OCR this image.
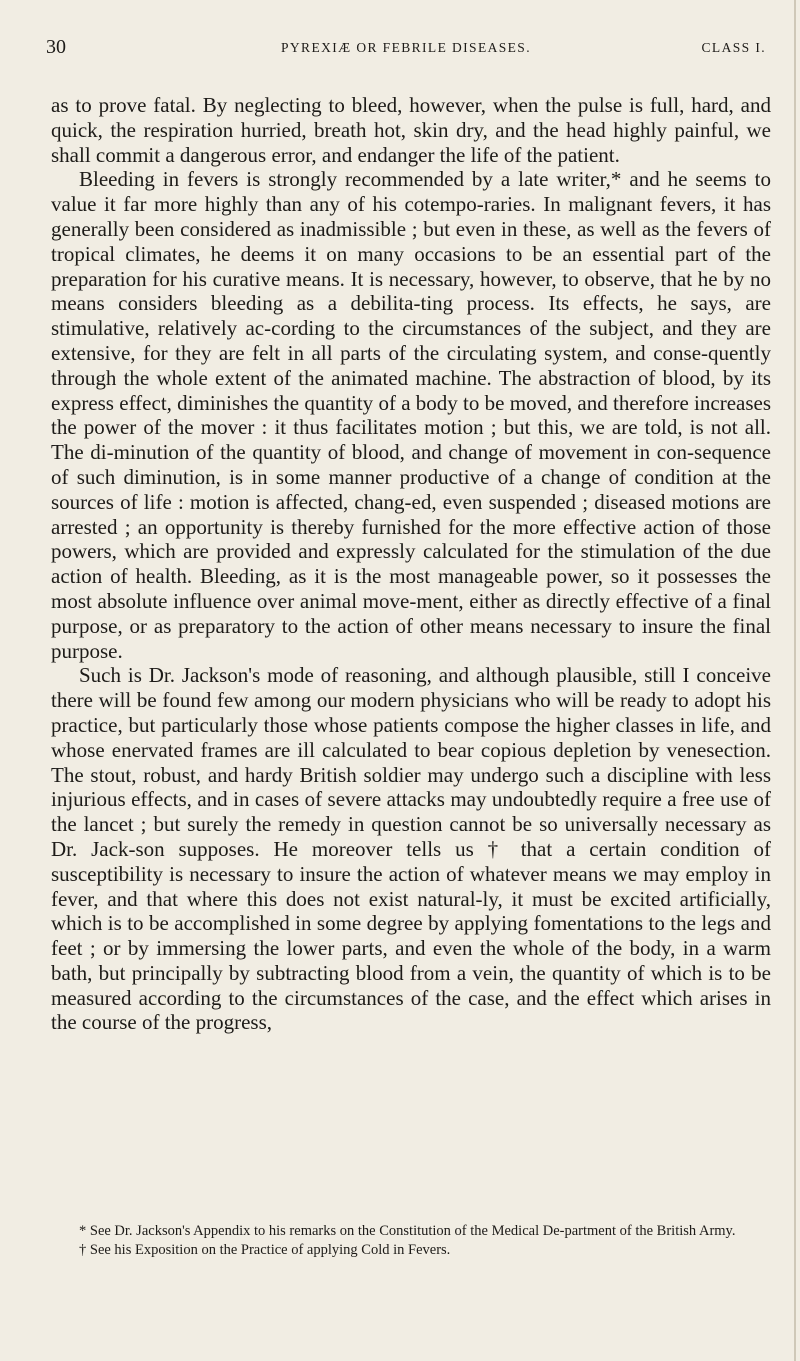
30	PYREXIÆ OR FEBRILE DISEASES.	CLASS I.

as to prove fatal. By neglecting to bleed, however, when the pulse is full, hard, and quick, the respiration hurried, breath hot, skin dry, and the head highly painful, we shall commit a dangerous error, and endanger the life of the patient.

Bleeding in fevers is strongly recommended by a late writer,* and he seems to value it far more highly than any of his cotempo-raries. In malignant fevers, it has generally been considered as inadmissible ; but even in these, as well as the fevers of tropical climates, he deems it on many occasions to be an essential part of the preparation for his curative means. It is necessary, however, to observe, that he by no means considers bleeding as a debilita-ting process. Its effects, he says, are stimulative, relatively ac-cording to the circumstances of the subject, and they are extensive, for they are felt in all parts of the circulating system, and conse-quently through the whole extent of the animated machine. The abstraction of blood, by its express effect, diminishes the quantity of a body to be moved, and therefore increases the power of the mover : it thus facilitates motion ; but this, we are told, is not all. The di-minution of the quantity of blood, and change of movement in con-sequence of such diminution, is in some manner productive of a change of condition at the sources of life : motion is affected, chang-ed, even suspended ; diseased motions are arrested ; an opportunity is thereby furnished for the more effective action of those powers, which are provided and expressly calculated for the stimulation of the due action of health. Bleeding, as it is the most manageable power, so it possesses the most absolute influence over animal move-ment, either as directly effective of a final purpose, or as preparatory to the action of other means necessary to insure the final purpose.

Such is Dr. Jackson's mode of reasoning, and although plausible, still I conceive there will be found few among our modern physicians who will be ready to adopt his practice, but particularly those whose patients compose the higher classes in life, and whose enervated frames are ill calculated to bear copious depletion by venesection. The stout, robust, and hardy British soldier may undergo such a discipline with less injurious effects, and in cases of severe attacks may undoubtedly require a free use of the lancet ; but surely the remedy in question cannot be so universally necessary as Dr. Jack-son supposes. He moreover tells us † that a certain condition of susceptibility is necessary to insure the action of whatever means we may employ in fever, and that where this does not exist natural-ly, it must be excited artificially, which is to be accomplished in some degree by applying fomentations to the legs and feet ; or by immersing the lower parts, and even the whole of the body, in a warm bath, but principally by subtracting blood from a vein, the quantity of which is to be measured according to the circumstances of the case, and the effect which arises in the course of the progress,

* See Dr. Jackson's Appendix to his remarks on the Constitution of the Medical De-partment of the British Army.

† See his Exposition on the Practice of applying Cold in Fevers.
